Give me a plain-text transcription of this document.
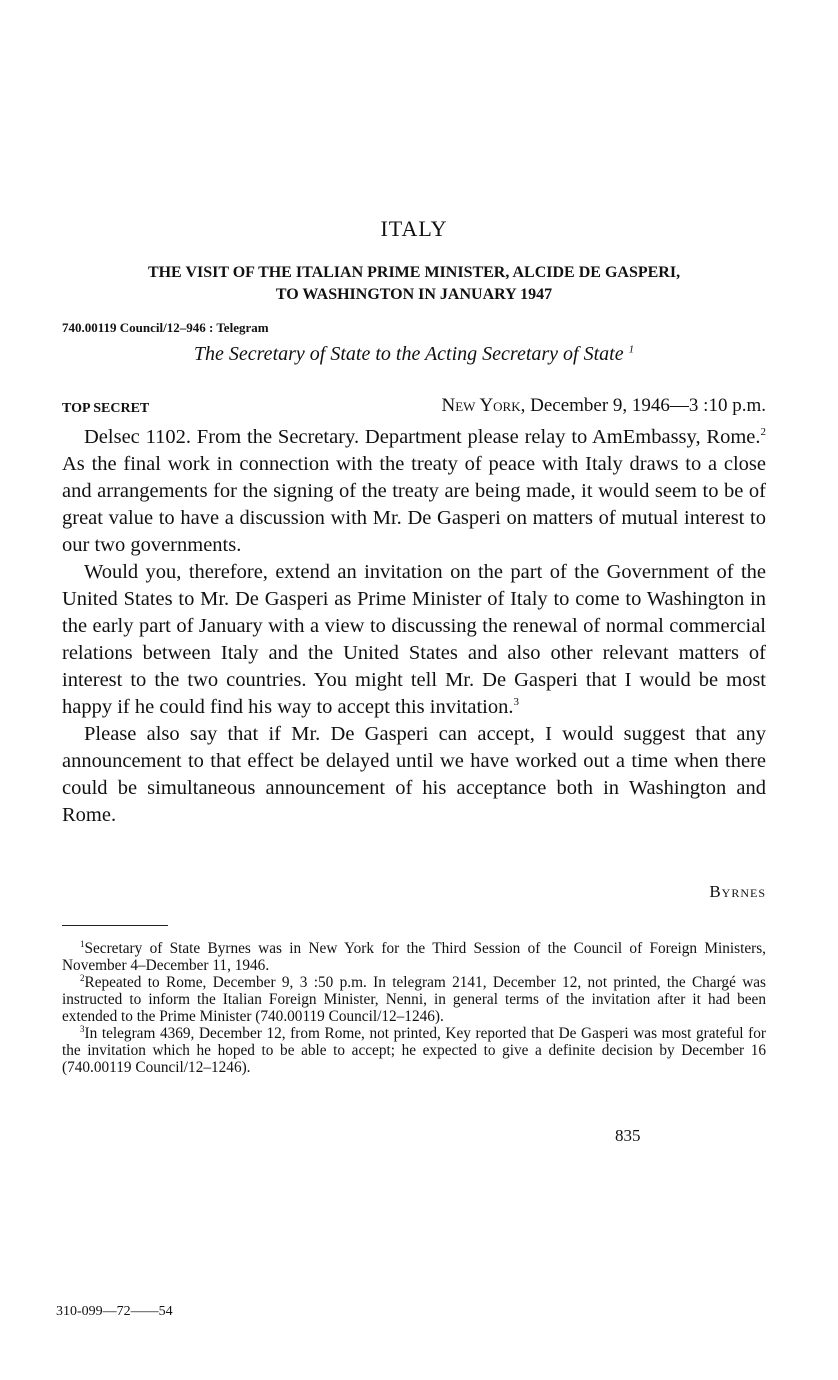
ITALY
THE VISIT OF THE ITALIAN PRIME MINISTER, ALCIDE DE GASPERI,
TO WASHINGTON IN JANUARY 1947
740.00119 Council/12–946 : Telegram
The Secretary of State to the Acting Secretary of State $^1$
TOP SECRET	New York, December 9, 1946—3 :10 p.m.

Delsec 1102. From the Secretary. Department please relay to AmEmbassy, Rome.$^2$ As the final work in connection with the treaty of peace with Italy draws to a close and arrangements for the signing of the treaty are being made, it would seem to be of great value to have a discussion with Mr. De Gasperi on matters of mutual interest to our two governments.

Would you, therefore, extend an invitation on the part of the Government of the United States to Mr. De Gasperi as Prime Minister of Italy to come to Washington in the early part of January with a view to discussing the renewal of normal commercial relations between Italy and the United States and also other relevant matters of interest to the two countries. You might tell Mr. De Gasperi that I would be most happy if he could find his way to accept this invitation.$^3$

Please also say that if Mr. De Gasperi can accept, I would suggest that any announcement to that effect be delayed until we have worked out a time when there could be simultaneous announcement of his acceptance both in Washington and Rome.

Byrnes

$^1$Secretary of State Byrnes was in New York for the Third Session of the Council of Foreign Ministers, November 4–December 11, 1946.

$^2$Repeated to Rome, December 9, 3 :50 p.m. In telegram 2141, December 12, not printed, the Chargé was instructed to inform the Italian Foreign Minister, Nenni, in general terms of the invitation after it had been extended to the Prime Minister (740.00119 Council/12–1246).

$^3$In telegram 4369, December 12, from Rome, not printed, Key reported that De Gasperi was most grateful for the invitation which he hoped to be able to accept; he expected to give a definite decision by December 16 (740.00119 Council/12–1246).

835
310-099—72——54
